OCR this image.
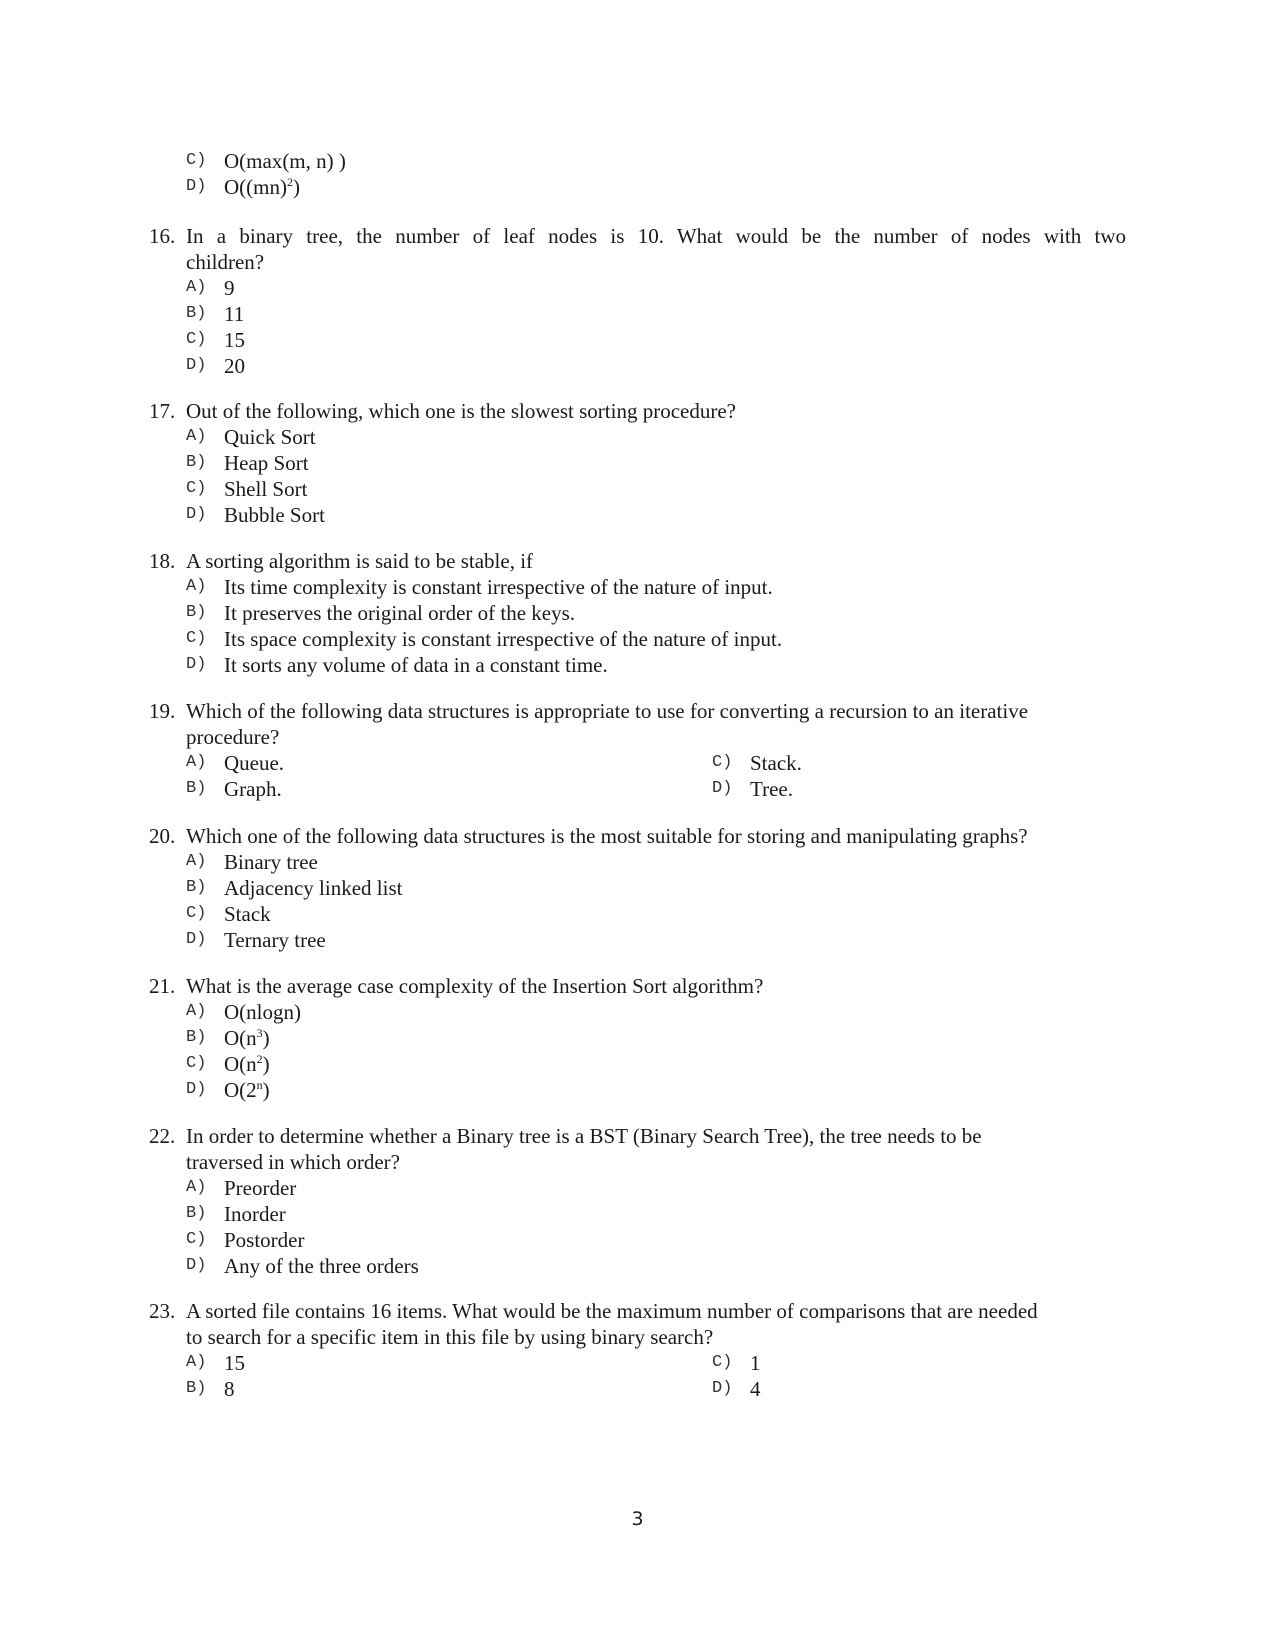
C) O(max(m, n) )
D) O((mn)$^2$)
16. In a binary tree, the number of leaf nodes is 10. What would be the number of nodes with two
children?
A) 9
B) 11
C) 15
D) 20
17. Out of the following, which one is the slowest sorting procedure?
A) Quick Sort
B) Heap Sort
C) Shell Sort
D) Bubble Sort
18. A sorting algorithm is said to be stable, if
A) Its time complexity is constant irrespective of the nature of input.
B) It preserves the original order of the keys.
C) Its space complexity is constant irrespective of the nature of input.
D) It sorts any volume of data in a constant time.
19. Which of the following data structures is appropriate to use for converting a recursion to an iterative
procedure?
A) Queue.	C) Stack.
B) Graph.	D) Tree.
20. Which one of the following data structures is the most suitable for storing and manipulating graphs?
A) Binary tree
B) Adjacency linked list
C) Stack
D) Ternary tree
21. What is the average case complexity of the Insertion Sort algorithm?
A) O(nlogn)
B) $O(n^3)$
C) $O(n^2)$
D) O(2$^n$)
22. In order to determine whether a Binary tree is a BST (Binary Search Tree), the tree needs to be
traversed in which order?
A) Preorder
B) Inorder
C) Postorder
D) Any of the three orders
23. A sorted file contains 16 items. What would be the maximum number of comparisons that are needed
to search for a specific item in this file by using binary search?
A) 15	C) 1
B) 8	D) 4
3
